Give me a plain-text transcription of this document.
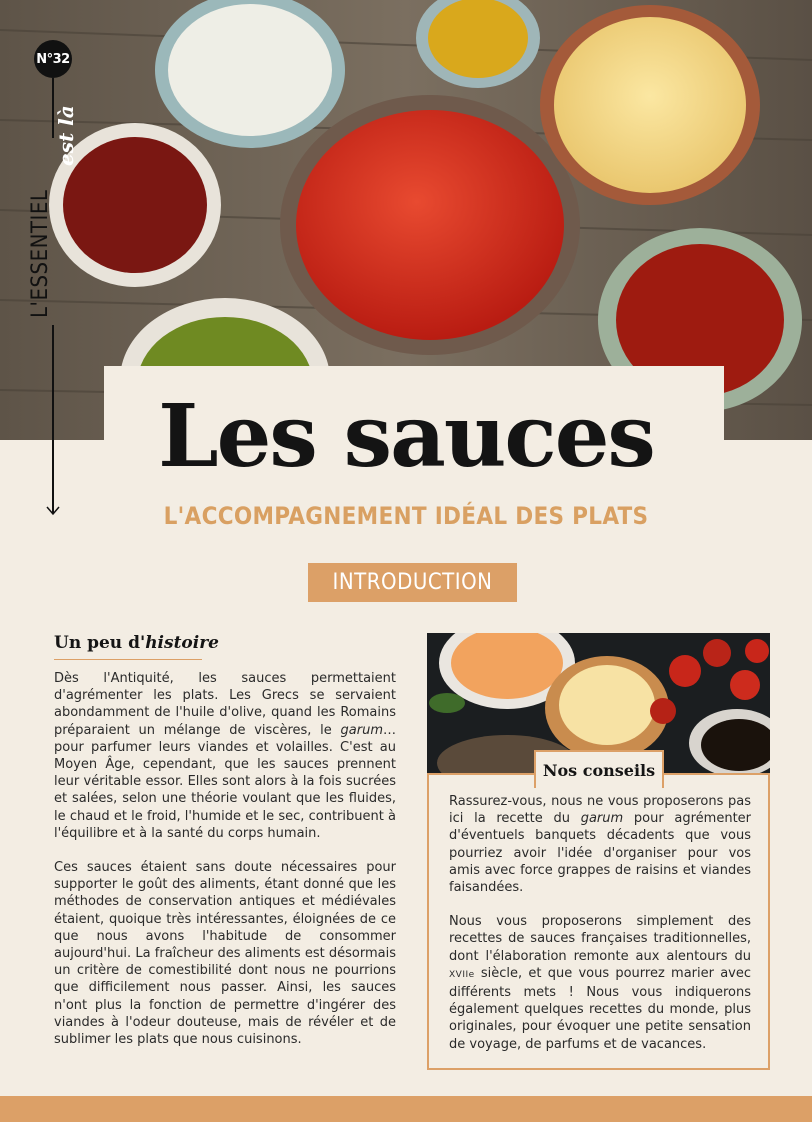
N° 32
L'ESSENTIEL
est là
Les sauces
L'ACCOMPAGNEMENT IDÉAL DES PLATS
INTRODUCTION
Un peu d'histoire

Dès l'Antiquité, les sauces permettaient d'agrémenter les plats. Les Grecs se servaient abondamment de l'huile d'olive, quand les Romains préparaient un mélange de viscères, le garum… pour parfumer leurs viandes et volailles. C'est au Moyen Âge, cependant, que les sauces prennent leur véritable essor. Elles sont alors à la fois sucrées et salées, selon une théorie voulant que les fluides, le chaud et le froid, l'humide et le sec, contribuent à l'équilibre et à la santé du corps humain.

Ces sauces étaient sans doute nécessaires pour supporter le goût des aliments, étant donné que les méthodes de conservation antiques et médiévales étaient, quoique très intéressantes, éloignées de ce que nous avons l'habitude de consommer aujourd'hui. La fraîcheur des aliments est désormais un critère de comestibilité dont nous ne pourrions que difficilement nous passer. Ainsi, les sauces n'ont plus la fonction de permettre d'ingérer des viandes à l'odeur douteuse, mais de révéler et de sublimer les plats que nous cuisinons.

Nos conseils

Rassurez-vous, nous ne vous proposerons pas ici la recette du garum pour agrémenter d'éventuels banquets décadents que vous pourriez avoir l'idée d'organiser pour vos amis avec force grappes de raisins et viandes faisandées.

Nous vous proposerons simplement des recettes de sauces françaises traditionnelles, dont l'élaboration remonte aux alentours du XVIIe siècle, et que vous pourrez marier avec différents mets ! Nous vous indiquerons également quelques recettes du monde, plus originales, pour évoquer une petite sensation de voyage, de parfums et de vacances.
